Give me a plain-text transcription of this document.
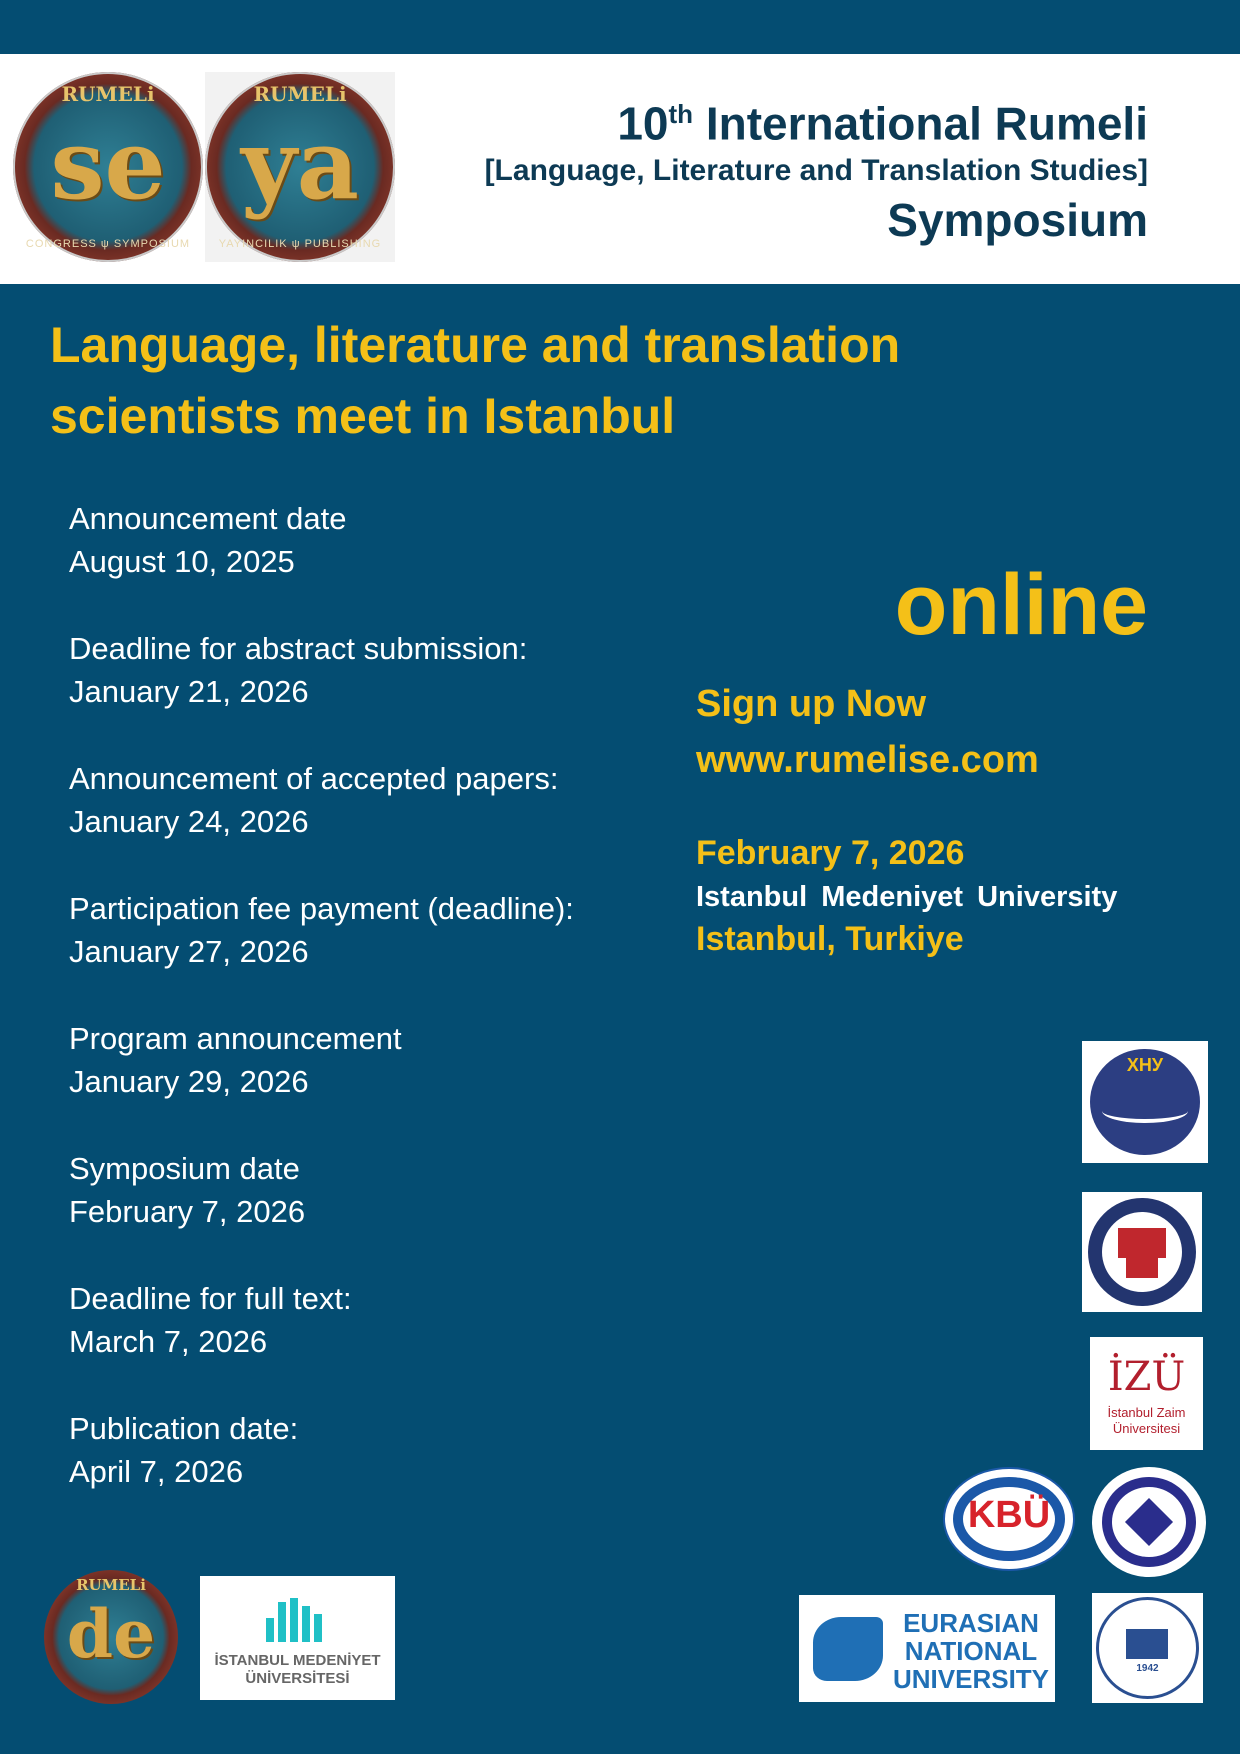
RUMELi
se
CONGRESS ψ SYMPOSIUM
RUMELi
ya
YAYINCILIK ψ PUBLISHING
10th International Rumeli
[Language, Literature and Translation Studies]
Symposium
Language, literature and translation
scientists meet in Istanbul
Announcement date
August 10, 2025
Deadline for abstract submission:
January 21, 2026
Announcement of accepted papers:
January 24, 2026
Participation fee payment (deadline):
January 27, 2026
Program announcement
January 29, 2026
Symposium date
February 7, 2026
Deadline for full text:
March 7, 2026
Publication date:
April 7, 2026
online
Sign up Now
www.rumelise.com
February 7, 2026
Istanbul Medeniyet University
Istanbul, Turkiye
ХНУ
İZÜ
İstanbul Zaim Üniversitesi
KBÜ
EURASIAN NATIONAL UNIVERSITY	1942
RUMELi
de	İSTANBUL MEDENİYET ÜNİVERSİTESİ
